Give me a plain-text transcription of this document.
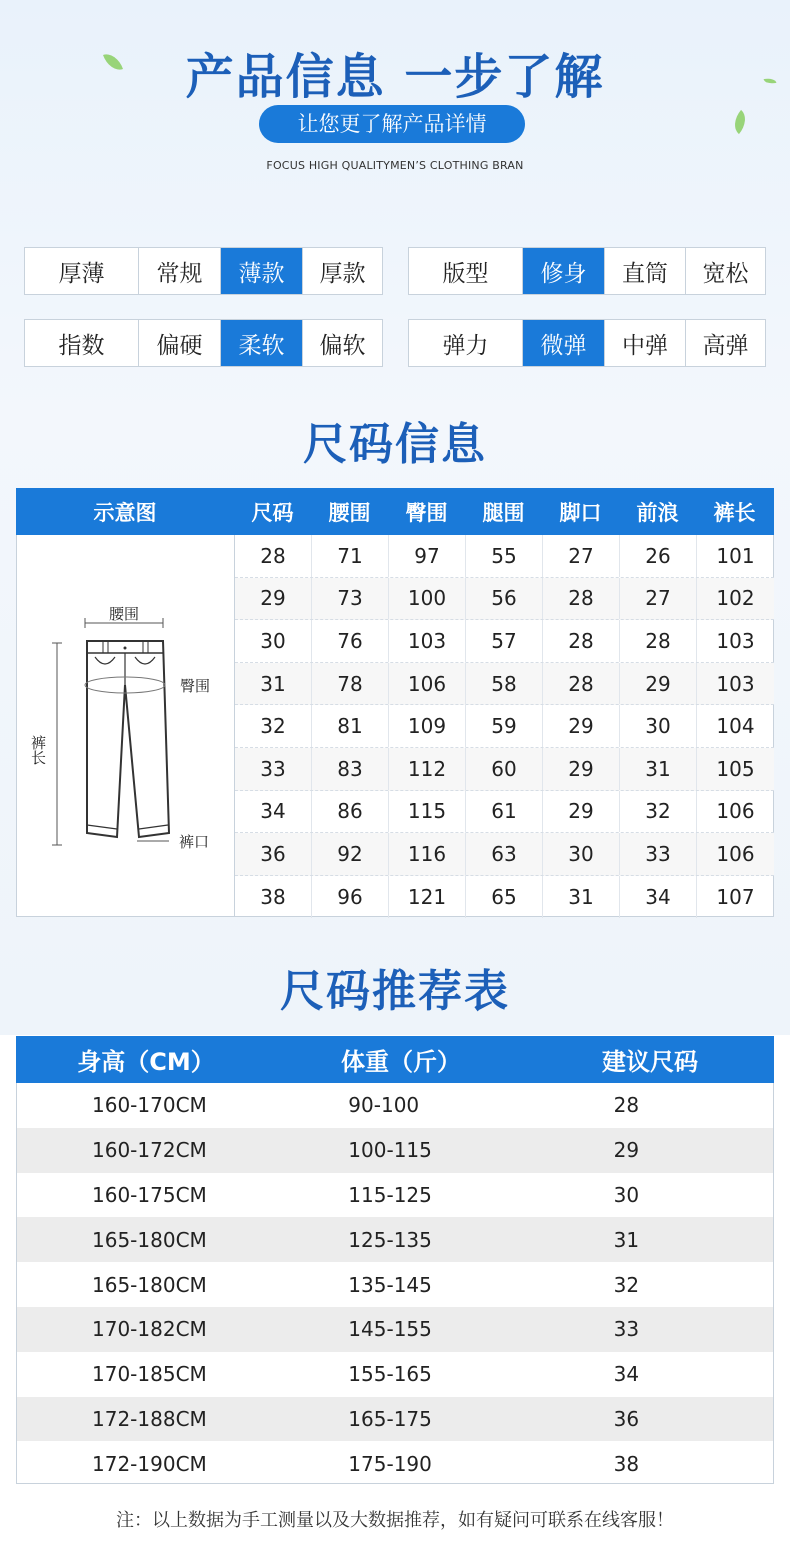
产品信息 一步了解
让您更了解产品详情
FOCUS HIGH QUALITYMEN’S CLOTHING BRAN
厚薄	常规	薄款	厚款	版型	修身	直筒	宽松
指数	偏硬	柔软	偏软	弹力	微弹	中弹	高弹
尺码信息
示意图	尺码	腰围	臀围	腿围	脚口	前浪	裤长
腰围
裤长
臀围
裤口
28	71	97	55	27	26	101
29	73	100	56	28	27	102
30	76	103	57	28	28	103
31	78	106	58	28	29	103
32	81	109	59	29	30	104
33	83	112	60	29	31	105
34	86	115	61	29	32	106
36	92	116	63	30	33	106
38	96	121	65	31	34	107
尺码推荐表
身高（CM）	体重（斤）	建议尺码
160-170CM	90-100	28
160-172CM	100-115	29
160-175CM	115-125	30
165-180CM	125-135	31
165-180CM	135-145	32
170-182CM	145-155	33
170-185CM	155-165	34
172-188CM	165-175	36
172-190CM	175-190	38
注：以上数据为手工测量以及大数据推荐，如有疑问可联系在线客服！
